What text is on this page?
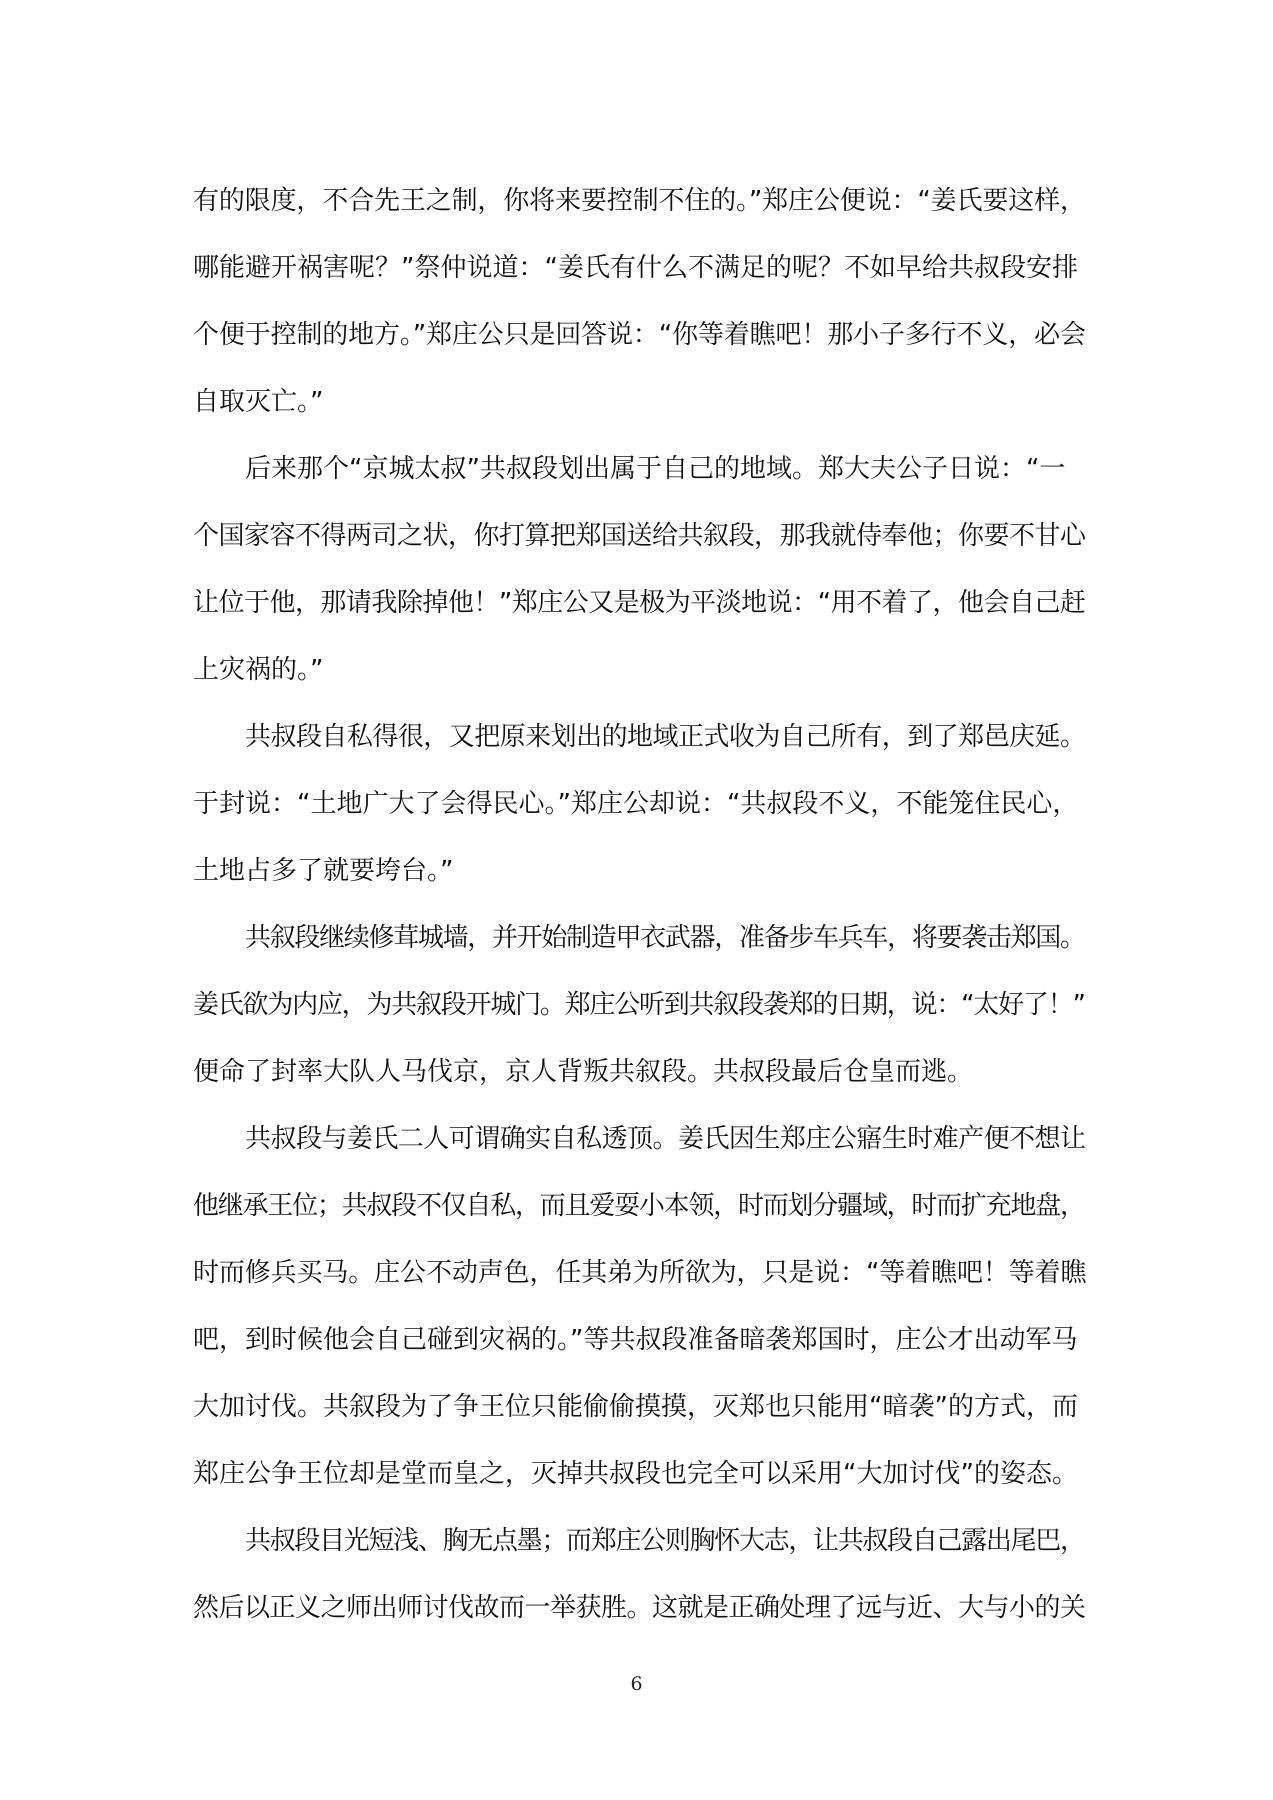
有的限度，不合先王之制，你将来要控制不住的。”郑庄公便说：“姜氏要这样，
哪能避开祸害呢？”祭仲说道：“姜氏有什么不满足的呢？不如早给共叔段安排
个便于控制的地方。”郑庄公只是回答说：“你等着瞧吧！那小子多行不义，必会
自取灭亡。”
后来那个“京城太叔”共叔段划出属于自己的地域。郑大夫公子日说：“一
个国家容不得两司之状，你打算把郑国送给共叙段，那我就侍奉他；你要不甘心
让位于他，那请我除掉他！”郑庄公又是极为平淡地说：“用不着了，他会自己赶
上灾祸的。”
共叔段自私得很，又把原来划出的地域正式收为自己所有，到了郑邑庆延。
于封说：“土地广大了会得民心。”郑庄公却说：“共叔段不义，不能笼住民心，
土地占多了就要垮台。”
共叙段继续修茸城墙，并开始制造甲衣武器，准备步车兵车，将要袭击郑国。
姜氏欲为内应，为共叙段开城门。郑庄公听到共叙段袭郑的日期，说：“太好了！”
便命了封率大队人马伐京，京人背叛共叙段。共叔段最后仓皇而逃。
共叔段与姜氏二人可谓确实自私透顶。姜氏因生郑庄公寤生时难产便不想让
他继承王位；共叔段不仅自私，而且爱耍小本领，时而划分疆域，时而扩充地盘，
时而修兵买马。庄公不动声色，任其弟为所欲为，只是说：“等着瞧吧！等着瞧
吧，到时候他会自己碰到灾祸的。”等共叔段准备暗袭郑国时，庄公才出动军马
大加讨伐。共叙段为了争王位只能偷偷摸摸，灭郑也只能用“暗袭”的方式，而
郑庄公争王位却是堂而皇之，灭掉共叔段也完全可以采用“大加讨伐”的姿态。
共叔段目光短浅、胸无点墨；而郑庄公则胸怀大志，让共叔段自己露出尾巴，
然后以正义之师出师讨伐故而一举获胜。这就是正确处理了远与近、大与小的关
6
